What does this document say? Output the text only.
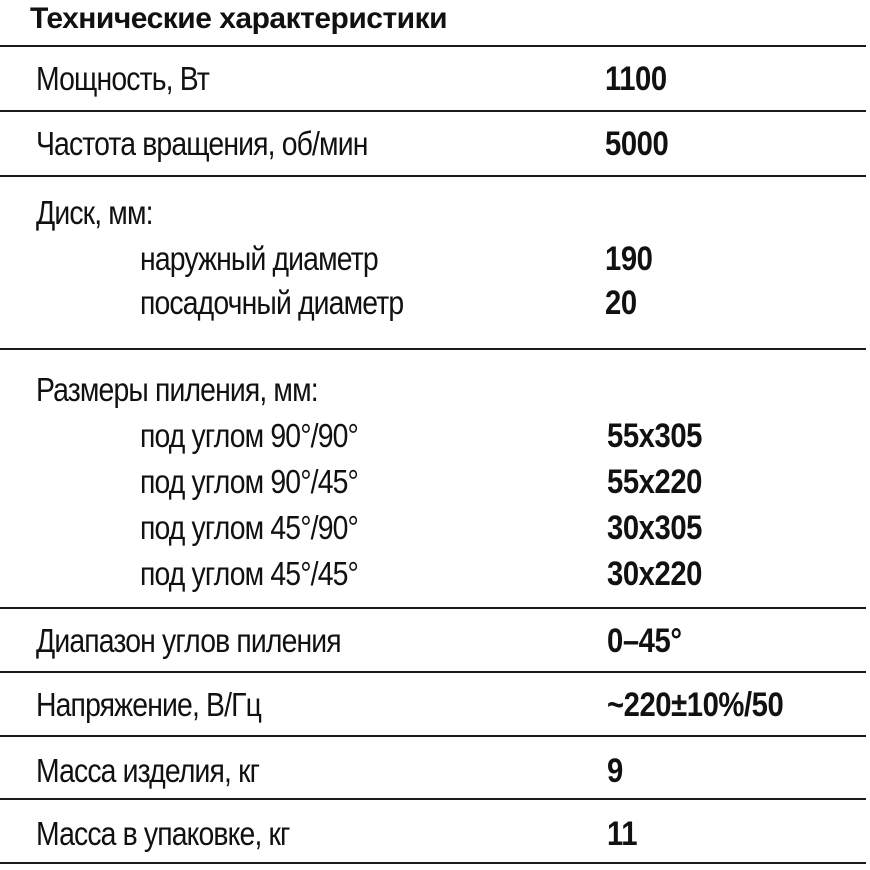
Технические характеристики
Мощность, Вт	1100
Частота вращения, об/мин	5000
Диск, мм:
наружный диаметр	190
посадочный диаметр	20
Размеры пиления, мм:
под углом 90°/90°	55x305
под углом 90°/45°	55x220
под углом 45°/90°	30x305
под углом 45°/45°	30x220
Диапазон углов пиления	0–45°
Напряжение, В/Гц	~220±10%/50
Масса изделия, кг	9
Масса в упаковке, кг	11
